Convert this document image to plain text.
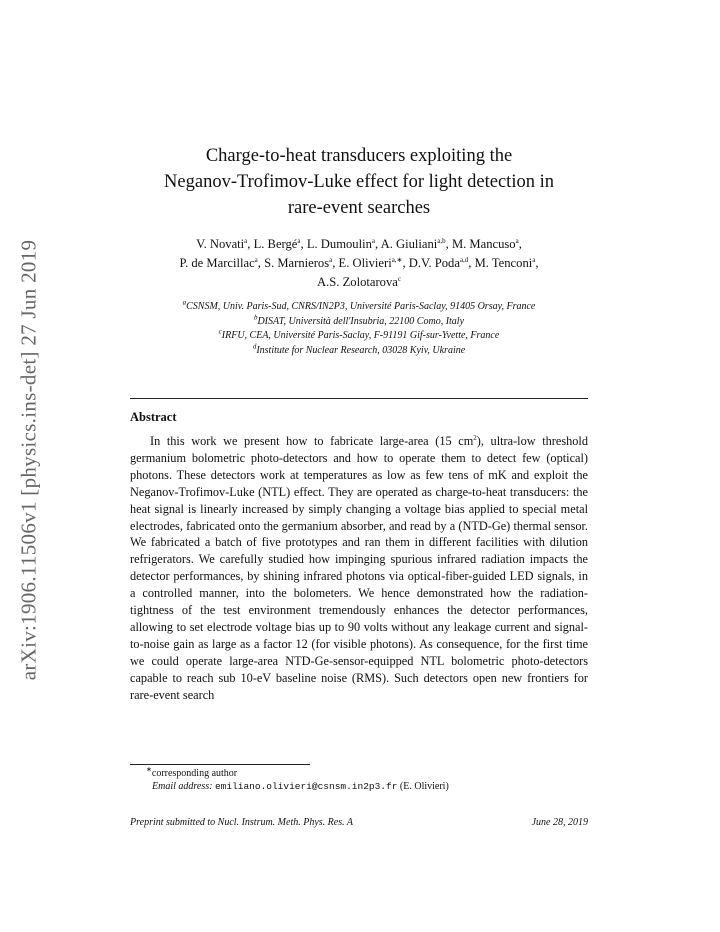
arXiv:1906.11506v1 [physics.ins-det] 27 Jun 2019
Charge-to-heat transducers exploiting the
Neganov-Trofimov-Luke effect for light detection in
rare-event searches
V. Novati$^a$, L. Bergé$^a$, L. Dumoulin$^a$, A. Giuliani$^{a,b}$, M. Mancuso$^a$,
P. de Marcillac$^a$, S. Marnieros$^a$, E. Olivieri$^{a,∗}$, D.V. Poda$^{a,d}$, M. Tenconi$^a$,
A.S. Zolotarova$^c$
$^a$CSNSM, Univ. Paris-Sud, CNRS/IN2P3, Université Paris-Saclay, 91405 Orsay, France
$^b$DISAT, Università dell'Insubria, 22100 Como, Italy
$^c$IRFU, CEA, Université Paris-Saclay, F-91191 Gif-sur-Yvette, France
$^d$Institute for Nuclear Research, 03028 Kyiv, Ukraine
Abstract

In this work we present how to fabricate large-area (15 $cm^2$), ultra-low threshold germanium bolometric photo-detectors and how to operate them to detect few (optical) photons. These detectors work at temperatures as low as few tens of mK and exploit the Neganov-Trofimov-Luke (NTL) effect. They are operated as charge-to-heat transducers: the heat signal is linearly increased by simply changing a voltage bias applied to special metal electrodes, fabricated onto the germanium absorber, and read by a (NTD-Ge) thermal sensor. We fabricated a batch of five prototypes and ran them in different facilities with dilution refrigerators. We carefully studied how impinging spurious infrared radiation impacts the detector performances, by shining infrared photons via optical-fiber-guided LED signals, in a controlled manner, into the bolometers. We hence demonstrated how the radiation-tightness of the test environment tremendously enhances the detector performances, allowing to set electrode voltage bias up to 90 volts without any leakage current and signal-to-noise gain as large as a factor 12 (for visible photons). As consequence, for the first time we could operate large-area NTD-Ge-sensor-equipped NTL bolometric photo-detectors capable to reach sub 10-eV baseline noise (RMS). Such detectors open new frontiers for rare-event search

∗corresponding author
Email address: emiliano.olivieri@csnsm.in2p3.fr (E. Olivieri)
Preprint submitted to Nucl. Instrum. Meth. Phys. Res. A	June 28, 2019
